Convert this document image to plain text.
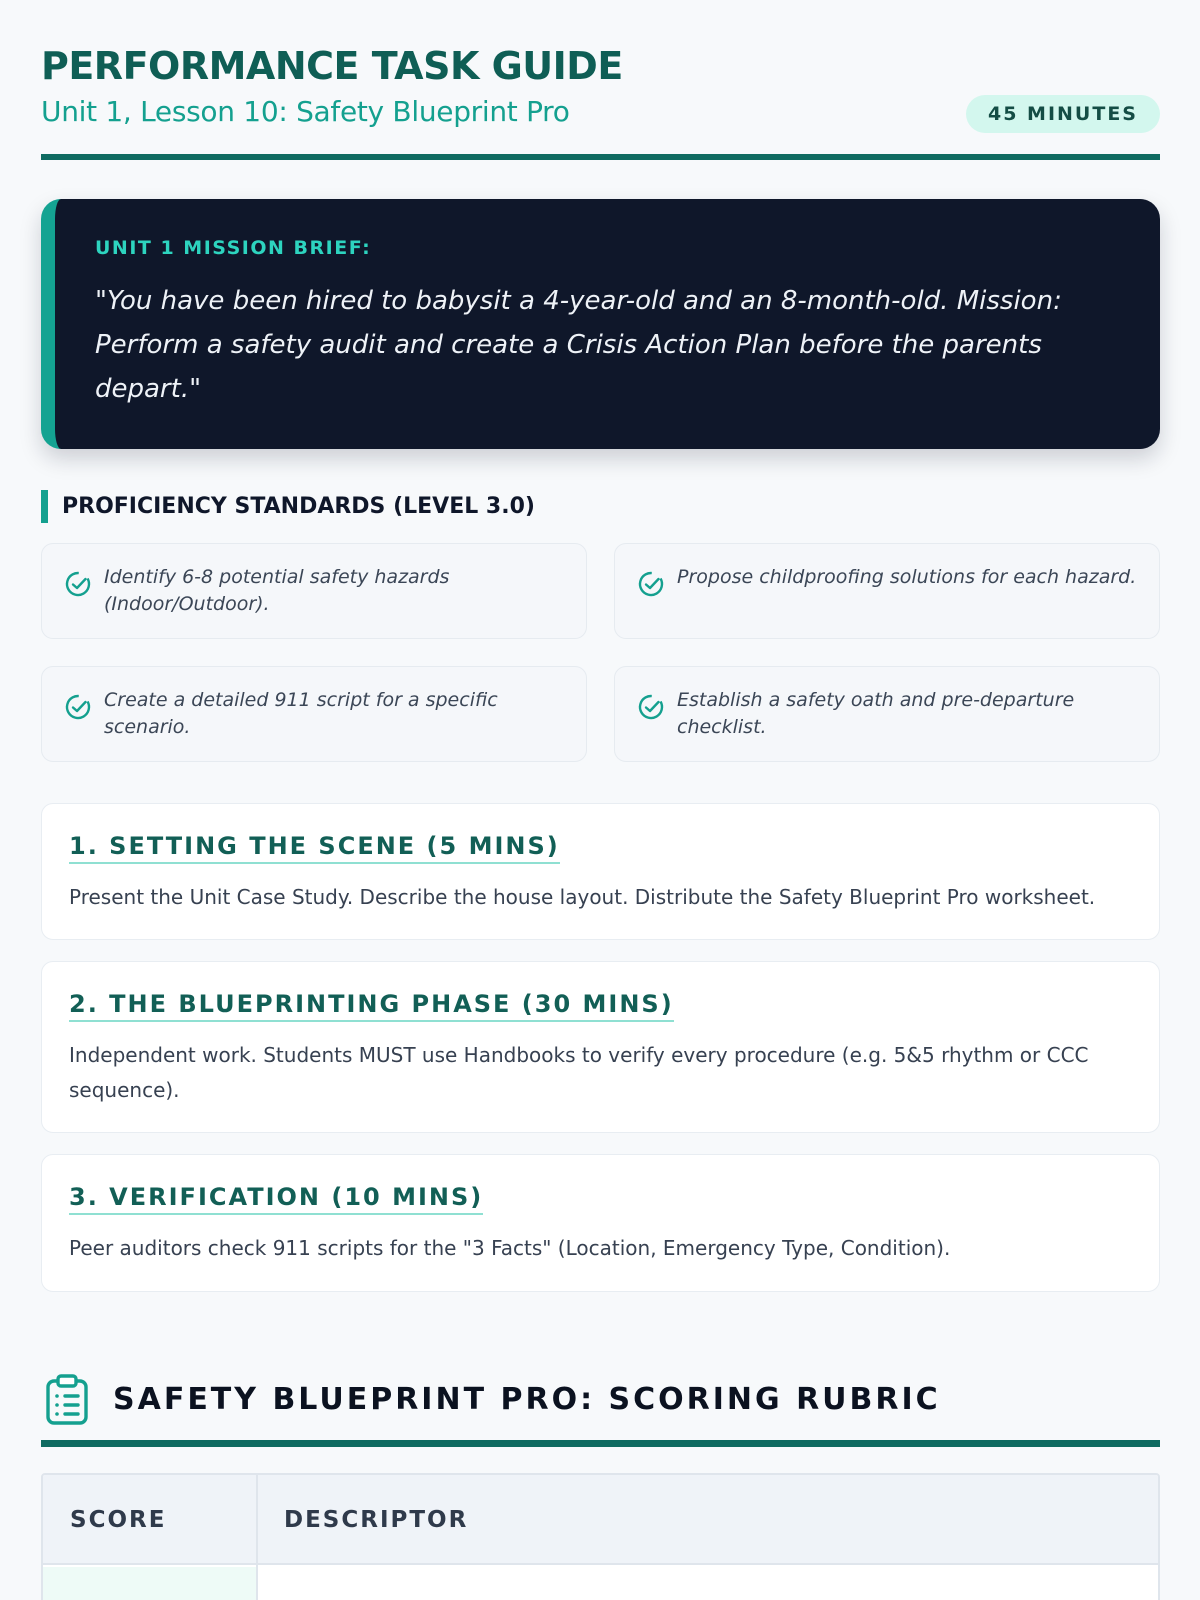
PERFORMANCE TASK GUIDE
Unit 1, Lesson 10: Safety Blueprint Pro	45 MINUTES
UNIT 1 MISSION BRIEF:
"You have been hired to babysit a 4-year-old and an 8-month-old. Mission: Perform a safety audit and create a Crisis Action Plan before the parents depart."
PROFICIENCY STANDARDS (LEVEL 3.0)
Identify 6-8 potential safety hazards (Indoor/Outdoor).
Propose childproofing solutions for each hazard.
Create a detailed 911 script for a specific scenario.
Establish a safety oath and pre-departure checklist.
1. SETTING THE SCENE (5 MINS)
Present the Unit Case Study. Describe the house layout. Distribute the Safety Blueprint Pro worksheet.
2. THE BLUEPRINTING PHASE (30 MINS)
Independent work. Students MUST use Handbooks to verify every procedure (e.g. 5&5 rhythm or CCC sequence).
3. VERIFICATION (10 MINS)
Peer auditors check 911 scripts for the "3 Facts" (Location, Emergency Type, Condition).
SAFETY BLUEPRINT PRO: SCORING RUBRIC
SCORE	DESCRIPTOR
